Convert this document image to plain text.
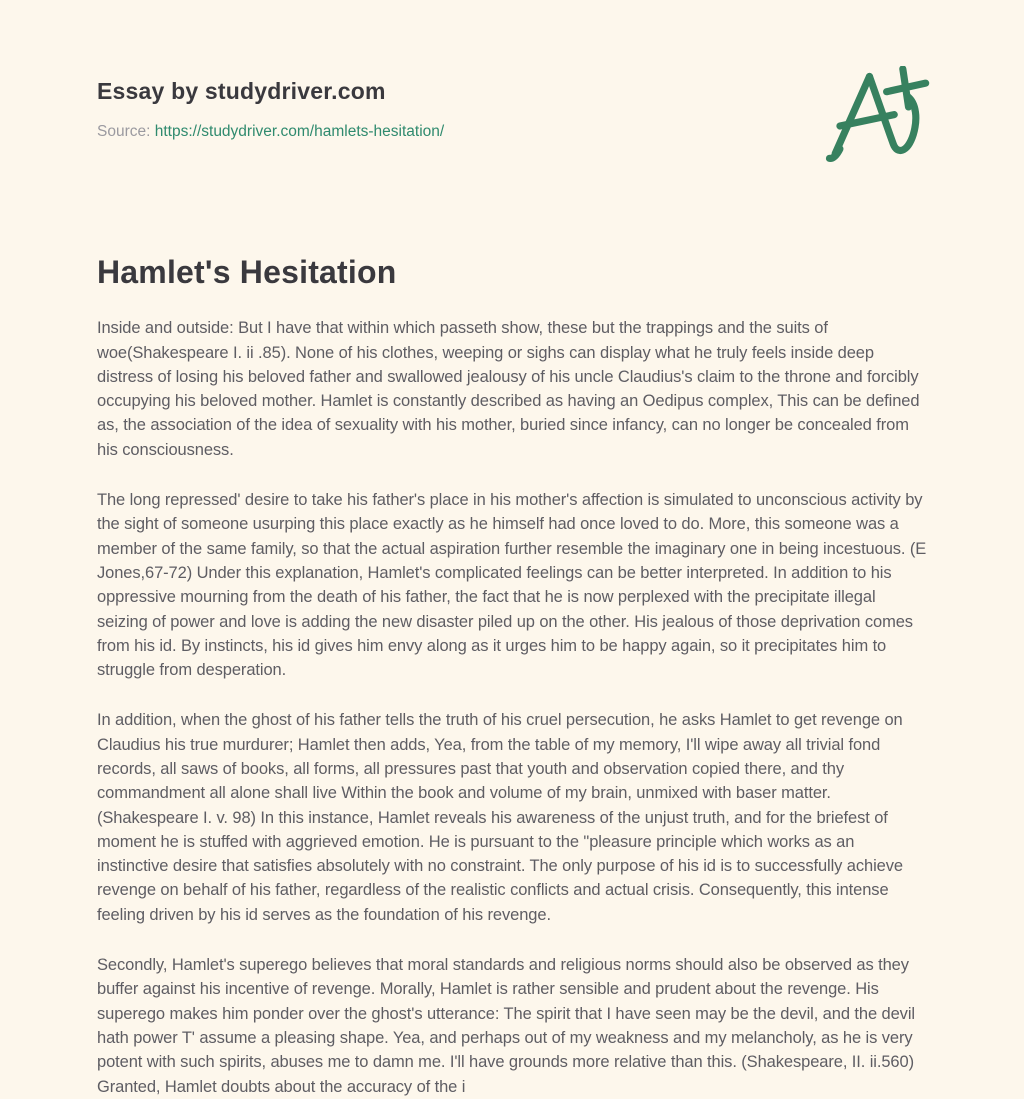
Essay by studydriver.com
Source: https://studydriver.com/hamlets-hesitation/
Hamlet's Hesitation

Inside and outside: But I have that within which passeth show, these but the trappings and the suits of woe(Shakespeare I. ii .85). None of his clothes, weeping or sighs can display what he truly feels inside deep distress of losing his beloved father and swallowed jealousy of his uncle Claudius's claim to the throne and forcibly occupying his beloved mother. Hamlet is constantly described as having an Oedipus complex, This can be defined as, the association of the idea of sexuality with his mother, buried since infancy, can no longer be concealed from his consciousness.

The long repressed' desire to take his father's place in his mother's affection is simulated to unconscious activity by the sight of someone usurping this place exactly as he himself had once loved to do. More, this someone was a member of the same family, so that the actual aspiration further resemble the imaginary one in being incestuous. (E Jones,67-72) Under this explanation, Hamlet's complicated feelings can be better interpreted. In addition to his oppressive mourning from the death of his father, the fact that he is now perplexed with the precipitate illegal seizing of power and love is adding the new disaster piled up on the other. His jealous of those deprivation comes from his id. By instincts, his id gives him envy along as it urges him to be happy again, so it precipitates him to struggle from desperation.

In addition, when the ghost of his father tells the truth of his cruel persecution, he asks Hamlet to get revenge on Claudius his true murdurer; Hamlet then adds, Yea, from the table of my memory, I'll wipe away all trivial fond records, all saws of books, all forms, all pressures past that youth and observation copied there, and thy commandment all alone shall live Within the book and volume of my brain, unmixed with baser matter. (Shakespeare I. v. 98) In this instance, Hamlet reveals his awareness of the unjust truth, and for the briefest of moment he is stuffed with aggrieved emotion. He is pursuant to the "pleasure principle which works as an instinctive desire that satisfies absolutely with no constraint. The only purpose of his id is to successfully achieve revenge on behalf of his father, regardless of the realistic conflicts and actual crisis. Consequently, this intense feeling driven by his id serves as the foundation of his revenge.

Secondly, Hamlet's superego believes that moral standards and religious norms should also be observed as they buffer against his incentive of revenge. Morally, Hamlet is rather sensible and prudent about the revenge. His superego makes him ponder over the ghost's utterance: The spirit that I have seen may be the devil, and the devil hath power T' assume a pleasing shape. Yea, and perhaps out of my weakness and my melancholy, as he is very potent with such spirits, abuses me to damn me. I'll have grounds more relative than this. (Shakespeare, II. ii.560) Granted, Hamlet doubts about the accuracy of the i
